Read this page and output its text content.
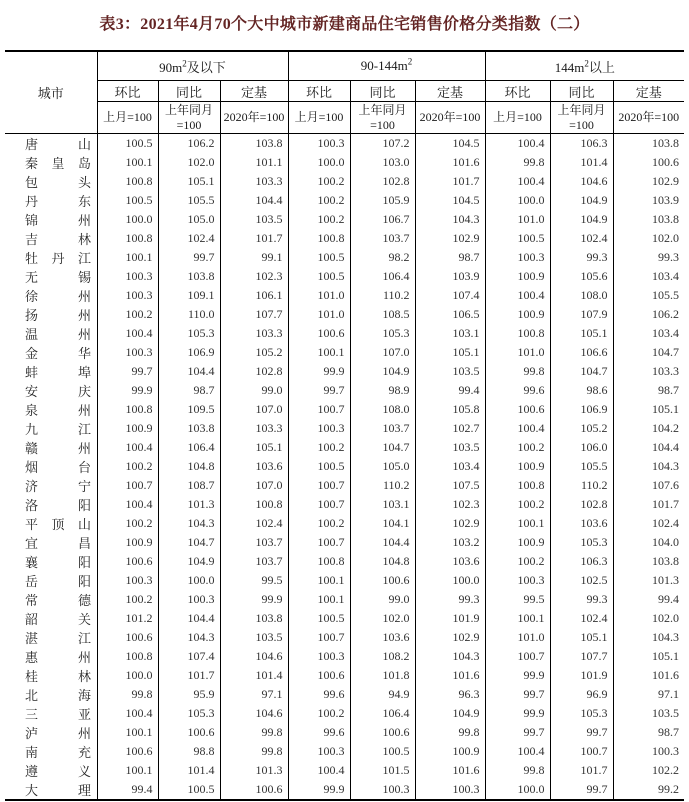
表3：2021年4月70个大中城市新建商品住宅销售价格分类指数（二）
城市	$90m^2$及以下			$90-144m^2$			$144m^2$以上		
	环比	同比	定基	环比	同比	定基	环比	同比	定基
	上月=100	上年同月=100	2020年=100	上月=100	上年同月=100	2020年=100	上月=100	上年同月=100	2020年=100
唐山	100.5	106.2	103.8	100.3	107.2	104.5	100.4	106.3	103.8
秦皇岛	100.1	102.0	101.1	100.0	103.0	101.6	99.8	101.4	100.6
包头	100.8	105.1	103.3	100.2	102.8	101.7	100.4	104.6	102.9
丹东	100.5	105.5	104.4	100.2	105.9	104.5	100.0	104.9	103.9
锦州	100.0	105.0	103.5	100.2	106.7	104.3	101.0	104.9	103.8
吉林	100.8	102.4	101.7	100.8	103.7	102.9	100.5	102.4	102.0
牡丹江	100.1	99.7	99.1	100.5	98.2	98.7	100.3	99.3	99.3
无锡	100.3	103.8	102.3	100.5	106.4	103.9	100.9	105.6	103.4
徐州	100.3	109.1	106.1	101.0	110.2	107.4	100.4	108.0	105.5
扬州	100.2	110.0	107.7	101.0	108.5	106.5	100.9	107.9	106.2
温州	100.4	105.3	103.3	100.6	105.3	103.1	100.8	105.1	103.4
金华	100.3	106.9	105.2	100.1	107.0	105.1	101.0	106.6	104.7
蚌埠	99.7	104.4	102.8	99.9	104.9	103.5	99.8	104.7	103.3
安庆	99.9	98.7	99.0	99.7	98.9	99.4	99.6	98.6	98.7
泉州	100.8	109.5	107.0	100.7	108.0	105.8	100.6	106.9	105.1
九江	100.9	103.8	103.3	100.3	103.7	102.7	100.4	105.2	104.2
赣州	100.4	106.4	105.1	100.2	104.7	103.5	100.2	106.0	104.4
烟台	100.2	104.8	103.6	100.5	105.0	103.4	100.9	105.5	104.3
济宁	100.7	108.7	107.0	100.7	110.2	107.5	100.8	110.2	107.6
洛阳	100.4	101.3	100.8	100.7	103.1	102.3	100.2	102.8	101.7
平顶山	100.2	104.3	102.4	100.2	104.1	102.9	100.1	103.6	102.4
宜昌	100.9	104.7	103.7	100.7	104.4	103.2	100.9	105.3	104.0
襄阳	100.6	104.9	103.7	100.8	104.8	103.6	100.2	106.3	103.8
岳阳	100.3	100.0	99.5	100.1	100.6	100.0	100.3	102.5	101.3
常德	100.2	100.3	99.9	100.1	99.0	99.3	99.5	99.3	99.4
韶关	101.2	104.4	103.8	100.5	102.0	101.9	100.1	102.4	102.0
湛江	100.6	104.3	103.5	100.7	103.6	102.9	101.0	105.1	104.3
惠州	100.8	107.4	104.6	100.3	108.2	104.3	100.7	107.7	105.1
桂林	100.0	101.7	101.4	100.6	101.8	101.6	99.9	101.9	101.6
北海	99.8	95.9	97.1	99.6	94.9	96.3	99.7	96.9	97.1
三亚	100.4	105.3	104.6	100.2	106.4	104.9	99.9	105.3	103.5
泸州	100.1	100.6	99.8	99.6	100.6	99.8	99.7	99.7	98.7
南充	100.6	98.8	99.8	100.3	100.5	100.9	100.4	100.7	100.3
遵义	100.1	101.4	101.3	100.4	101.5	101.6	99.8	101.7	102.2
大理	99.4	100.5	100.6	99.9	100.3	100.3	100.0	99.7	99.2
